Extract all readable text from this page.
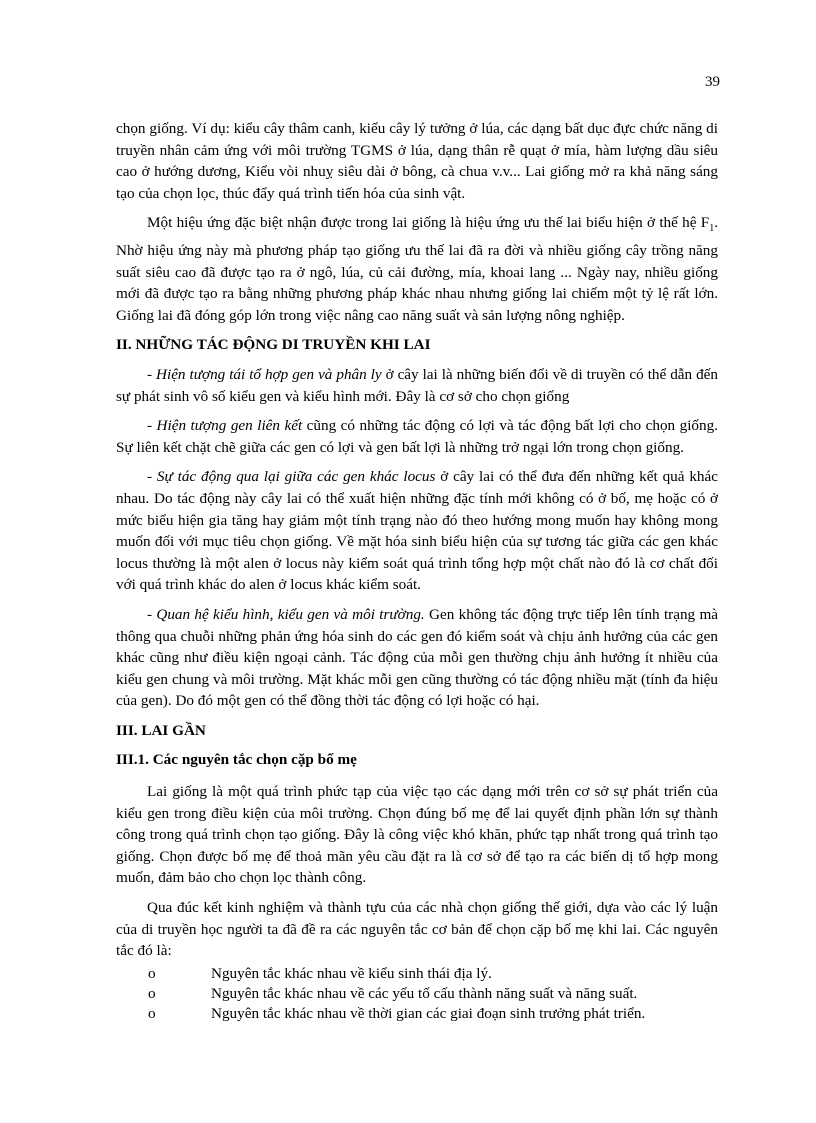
39

chọn giống. Ví dụ: kiểu cây thâm canh, kiểu cây lý tưởng ở lúa, các dạng bất dục đực chức năng di truyền nhân cảm ứng với môi trường TGMS ở lúa, dạng thân rễ quạt ở mía, hàm lượng dầu siêu cao ở hướng dương, Kiểu vòi nhuỵ siêu dài ở bông, cà chua v.v... Lai giống mở ra khả năng sáng tạo của chọn lọc, thúc đẩy quá trình tiến hóa của sinh vật.

Một hiệu ứng đặc biệt nhận được trong lai giống là hiệu ứng ưu thế lai biểu hiện ở thế hệ $F_1$. Nhờ hiệu ứng này mà phương pháp tạo giống ưu thế lai đã ra đời và nhiều giống cây trồng năng suất siêu cao đã được tạo ra ở ngô, lúa, củ cải đường, mía, khoai lang ... Ngày nay, nhiều giống mới đã được tạo ra bằng những phương pháp khác nhau nhưng giống lai chiếm một tỷ lệ rất lớn. Giống lai đã đóng góp lớn trong việc nâng cao năng suất và sản lượng nông nghiệp.

II. NHỮNG TÁC ĐỘNG DI TRUYỀN KHI LAI

- Hiện tượng tái tổ hợp gen và phân ly ở cây lai là những biến đổi về di truyền có thể dẫn đến sự phát sinh vô số kiểu gen và kiểu hình mới. Đây là cơ sở cho chọn giống

- Hiện tượng gen liên kết cũng có những tác động có lợi và tác động bất lợi cho chọn giống. Sự liên kết chặt chẽ giữa các gen có lợi và gen bất lợi là những trở ngại lớn trong chọn giống.

- Sự tác động qua lại giữa các gen khác locus ở cây lai có thể đưa đến những kết quả khác nhau. Do tác động này cây lai có thể xuất hiện những đặc tính mới không có ở bố, mẹ hoặc có ở mức biểu hiện gia tăng hay giảm một tính trạng nào đó theo hướng mong muốn hay không mong muốn đối với mục tiêu chọn giống. Về mặt hóa sinh biểu hiện của sự tương tác giữa các gen khác locus thường là một alen ở locus này kiểm soát quá trình tổng hợp một chất nào đó là cơ chất đối với quá trình khác do alen ở locus khác kiểm soát.

- Quan hệ kiểu hình, kiểu gen và môi trường. Gen không tác động trực tiếp lên tính trạng mà thông qua chuỗi những phản ứng hóa sinh do các gen đó kiểm soát và chịu ảnh hưởng của các gen khác cũng như điều kiện ngoại cảnh. Tác động của mỗi gen thường chịu ảnh hưởng ít nhiều của kiểu gen chung và môi trường. Mặt khác mỗi gen cũng thường có tác động nhiều mặt (tính đa hiệu của gen). Do đó một gen có thể đồng thời tác động có lợi hoặc có hại.

III. LAI GẦN
III.1. Các nguyên tắc chọn cặp bố mẹ

Lai giống là một quá trình phức tạp của việc tạo các dạng mới trên cơ sở sự phát triển của kiểu gen trong điều kiện của môi trường. Chọn đúng bố mẹ để lai quyết định phần lớn sự thành công trong quá trình chọn tạo giống. Đây là công việc khó khăn, phức tạp nhất trong quá trình tạo giống. Chọn được bố mẹ để thoả mãn yêu cầu đặt ra là cơ sở để tạo ra các biến dị tổ hợp mong muốn, đảm bảo cho chọn lọc thành công.

Qua đúc kết kinh nghiệm và thành tựu của các nhà chọn giống thế giới, dựa vào các lý luận của di truyền học người ta đã đề ra các nguyên tắc cơ bản để chọn cặp bố mẹ khi lai. Các nguyên tắc đó là:

o	Nguyên tắc khác nhau về kiểu sinh thái địa lý.
o	Nguyên tắc khác nhau về các yếu tố cấu thành năng suất và năng suất.
o	Nguyên tắc khác nhau về thời gian các giai đoạn sinh trưởng phát triển.
